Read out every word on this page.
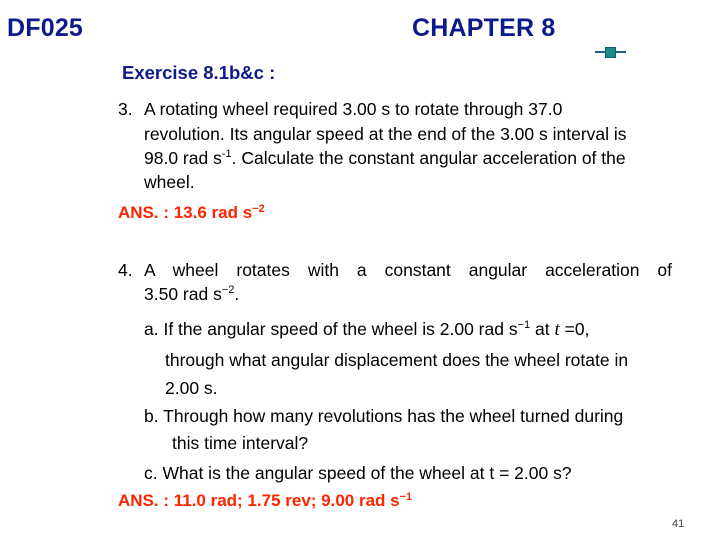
DF025	CHAPTER 8
Exercise 8.1b&c :
3. A rotating wheel required 3.00 s to rotate through 37.0
revolution. Its angular speed at the end of the 3.00 s interval is
98.0 rad $s^{-1}$. Calculate the constant angular acceleration of the
wheel.
ANS. : 13.6 rad $s^{-2}$
4. A wheel rotates with a constant angular acceleration of
3.50 rad $s^{-2}$.
a. If the angular speed of the wheel is 2.00 rad $s^{-1}$ at t =0,
through what angular displacement does the wheel rotate in
2.00 s.
b. Through how many revolutions has the wheel turned during
this time interval?
c. What is the angular speed of the wheel at t = 2.00 s?
ANS. : 11.0 rad; 1.75 rev; 9.00 rad $s^{-1}$
41
